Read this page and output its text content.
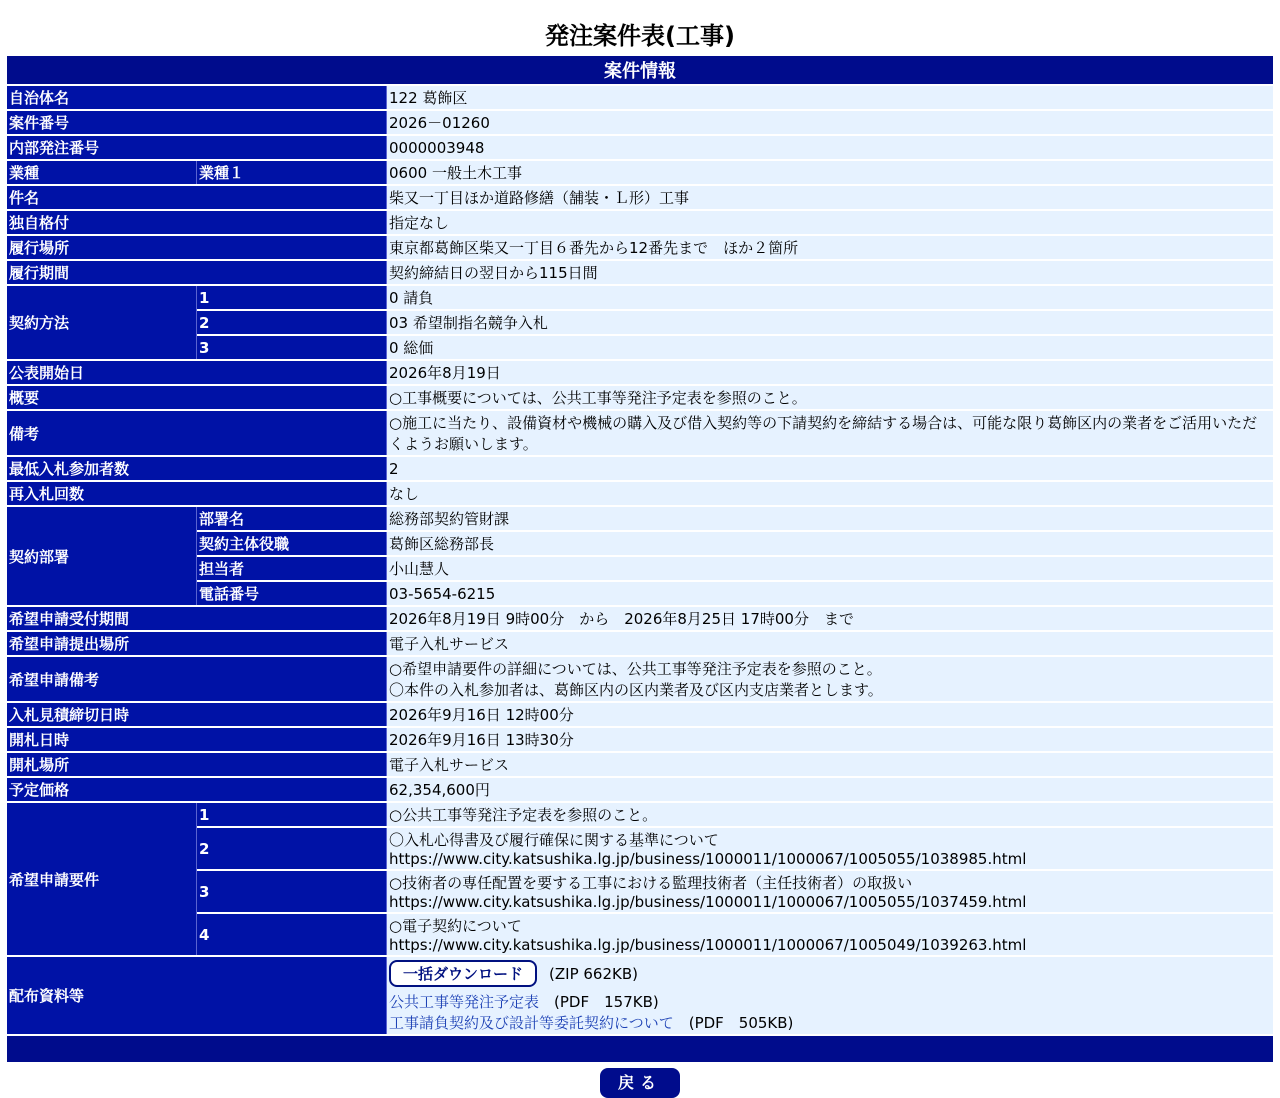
発注案件表(工事)
案件情報		
自治体名		122 葛飾区
案件番号		2026－01260
内部発注番号		0000003948
業種	業種１	0600 一般土木工事
件名		柴又一丁目ほか道路修繕（舗装・Ｌ形）工事
独自格付		指定なし
履行場所		東京都葛飾区柴又一丁目６番先から12番先まで　ほか２箇所
履行期間		契約締結日の翌日から115日間
契約方法	1	0 請負
	2	03 希望制指名競争入札
	3	0 総価
公表開始日		2026年8月19日
概要		○工事概要については、公共工事等発注予定表を参照のこと。
備考		○施工に当たり、設備資材や機械の購入及び借入契約等の下請契約を締結する場合は、可能な限り葛飾区内の業者をご活用いただくようお願いします。
最低入札参加者数		2
再入札回数		なし
契約部署	部署名	総務部契約管財課
	契約主体役職	葛飾区総務部長
	担当者	小山慧人
	電話番号	03-5654-6215
希望申請受付期間		2026年8月19日 9時00分　から　2026年8月25日 17時00分　まで
希望申請提出場所		電子入札サービス
希望申請備考		○希望申請要件の詳細については、公共工事等発注予定表を参照のこと。
〇本件の入札参加者は、葛飾区内の区内業者及び区内支店業者とします。

入札見積締切日時		2026年9月16日 12時00分
開札日時		2026年9月16日 13時30分
開札場所		電子入札サービス
予定価格		62,354,600円
希望申請要件	1	○公共工事等発注予定表を参照のこと。
	2	〇入札心得書及び履行確保に関する基準について
https://www.city.katsushika.lg.jp/business/1000011/1000067/1005055/1038985.html

	3	○技術者の専任配置を要する工事における監理技術者（主任技術者）の取扱い
https://www.city.katsushika.lg.jp/business/1000011/1000067/1005055/1037459.html

	4	○電子契約について
https://www.city.katsushika.lg.jp/business/1000011/1000067/1005049/1039263.html

配布資料等		一括ダウンロード (ZIP 662KB)
公共工事等発注予定表　 (PDF　157KB)
工事請負契約及び設計等委託契約について　 (PDF　505KB)

戻る
